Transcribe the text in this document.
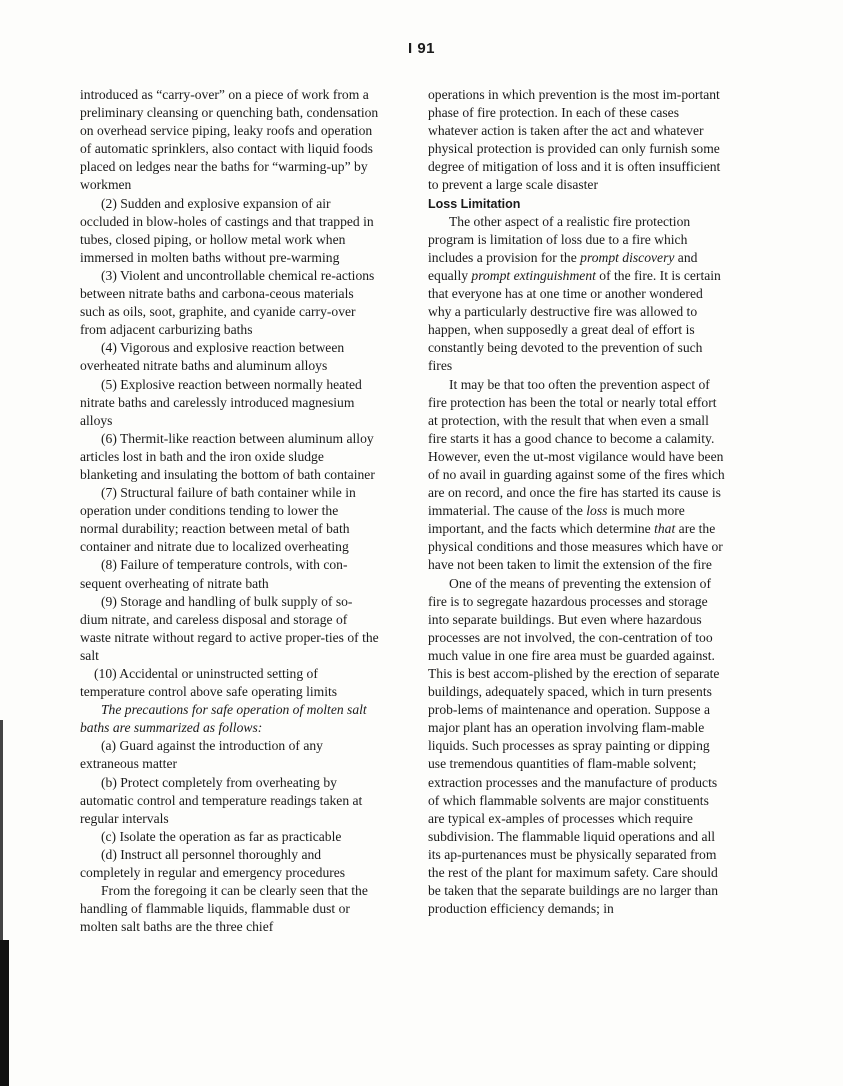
I 91

introduced as “carry-over” on a piece of work from a preliminary cleansing or quenching bath, condensation on overhead service piping, leaky roofs and operation of automatic sprinklers, also contact with liquid foods placed on ledges near the baths for “warming-up” by workmen

(2) Sudden and explosive expansion of air occluded in blow-holes of castings and that trapped in tubes, closed piping, or hollow metal work when immersed in molten baths without pre-warming

(3) Violent and uncontrollable chemical re-actions between nitrate baths and carbona-ceous materials such as oils, soot, graphite, and cyanide carry-over from adjacent carburizing baths

(4) Vigorous and explosive reaction between overheated nitrate baths and aluminum alloys

(5) Explosive reaction between normally heated nitrate baths and carelessly introduced magnesium alloys

(6) Thermit-like reaction between aluminum alloy articles lost in bath and the iron oxide sludge blanketing and insulating the bottom of bath container

(7) Structural failure of bath container while in operation under conditions tending to lower the normal durability; reaction between metal of bath container and nitrate due to localized overheating

(8) Failure of temperature controls, with con-sequent overheating of nitrate bath

(9) Storage and handling of bulk supply of so-dium nitrate, and careless disposal and storage of waste nitrate without regard to active proper-ties of the salt

(10) Accidental or uninstructed setting of temperature control above safe operating limits

The precautions for safe operation of molten salt baths are summarized as follows:

(a) Guard against the introduction of any extraneous matter

(b) Protect completely from overheating by automatic control and temperature readings taken at regular intervals

(c) Isolate the operation as far as practicable

(d) Instruct all personnel thoroughly and completely in regular and emergency procedures

From the foregoing it can be clearly seen that the handling of flammable liquids, flammable dust or molten salt baths are the three chief

operations in which prevention is the most im-portant phase of fire protection. In each of these cases whatever action is taken after the act and whatever physical protection is provided can only furnish some degree of mitigation of loss and it is often insufficient to prevent a large scale disaster

Loss Limitation

The other aspect of a realistic fire protection program is limitation of loss due to a fire which includes a provision for the prompt discovery and equally prompt extinguishment of the fire. It is certain that everyone has at one time or another wondered why a particularly destructive fire was allowed to happen, when supposedly a great deal of effort is constantly being devoted to the prevention of such fires

It may be that too often the prevention aspect of fire protection has been the total or nearly total effort at protection, with the result that when even a small fire starts it has a good chance to become a calamity. However, even the ut-most vigilance would have been of no avail in guarding against some of the fires which are on record, and once the fire has started its cause is immaterial. The cause of the loss is much more important, and the facts which determine that are the physical conditions and those measures which have or have not been taken to limit the extension of the fire

One of the means of preventing the extension of fire is to segregate hazardous processes and storage into separate buildings. But even where hazardous processes are not involved, the con-centration of too much value in one fire area must be guarded against. This is best accom-plished by the erection of separate buildings, adequately spaced, which in turn presents prob-lems of maintenance and operation. Suppose a major plant has an operation involving flam-mable liquids. Such processes as spray painting or dipping use tremendous quantities of flam-mable solvent; extraction processes and the manufacture of products of which flammable solvents are major constituents are typical ex-amples of processes which require subdivision. The flammable liquid operations and all its ap-purtenances must be physically separated from the rest of the plant for maximum safety. Care should be taken that the separate buildings are no larger than production efficiency demands; in
